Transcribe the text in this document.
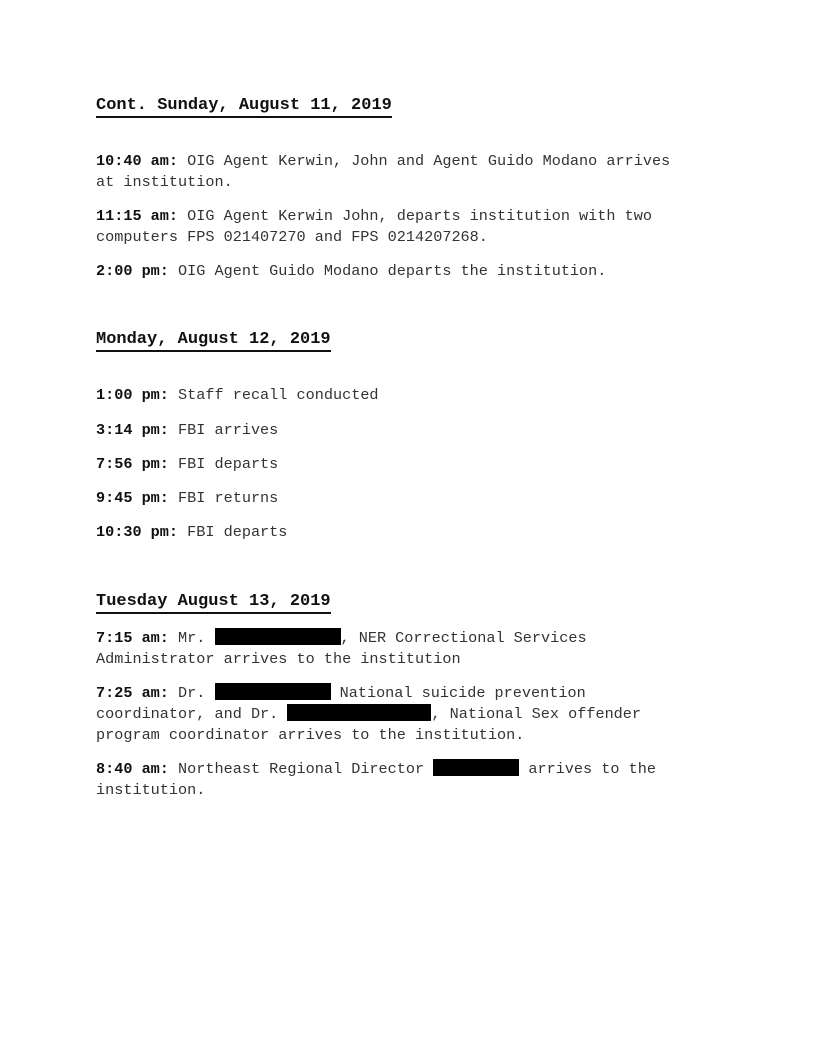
Cont. Sunday, August 11, 2019
10:40 am: OIG Agent Kerwin, John and Agent Guido Modano arrives
at institution.
11:15 am: OIG Agent Kerwin John, departs institution with two
computers FPS 021407270 and FPS 0214207268.
2:00 pm: OIG Agent Guido Modano departs the institution.
Monday, August 12, 2019
1:00 pm: Staff recall conducted
3:14 pm: FBI arrives
7:56 pm: FBI departs
9:45 pm: FBI returns
10:30 pm: FBI departs
Tuesday August 13, 2019
7:15 am: Mr.	, NER Correctional Services
Administrator arrives to the institution
7:25 am: Dr.	National suicide prevention
coordinator, and Dr.	, National Sex offender
program coordinator arrives to the institution.
8:40 am: Northeast Regional Director	arrives to the
institution.
